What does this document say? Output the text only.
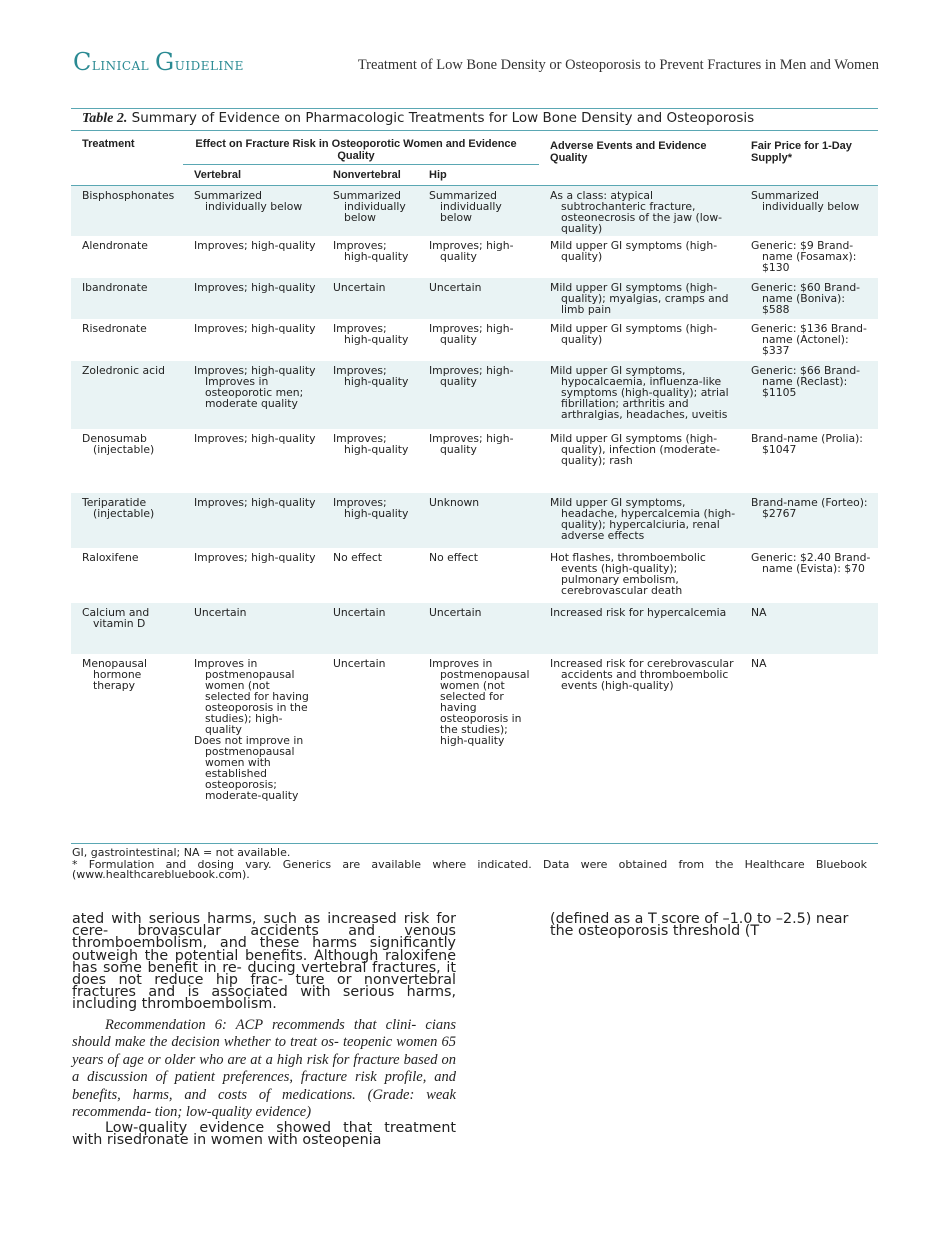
Clinical Guideline	Treatment of Low Bone Density or Osteoporosis to Prevent Fractures in Men and Women
Table 2. Summary of Evidence on Pharmacologic Treatments for Low Bone Density and Osteoporosis
Treatment	Effect on Fracture Risk in Osteoporotic Women and Evidence Quality			Adverse Events and Evidence Quality	Fair Price for 1-Day Supply*
	Vertebral	Nonvertebral	Hip		
Bisphosphonates	Summarized individually below	Summarized individually below	Summarized individually below	As a class: atypical subtrochanteric fracture, osteonecrosis of the jaw (low-quality)	Summarized individually below

Alendronate	Improves; high-quality	Improves; high-quality	Improves; high-quality	Mild upper GI symptoms (high-quality)	Generic: $9 Brand-name (Fosamax): $130

Ibandronate	Improves; high-quality	Uncertain	Uncertain	Mild upper GI symptoms (high-quality); myalgias, cramps and limb pain	Generic: $60 Brand-name (Boniva): $588

Risedronate	Improves; high-quality	Improves; high-quality	Improves; high-quality	Mild upper GI symptoms (high-quality)	Generic: $136 Brand-name (Actonel): $337

Zoledronic acid	Improves; high-quality Improves in osteoporotic men; moderate quality	Improves; high-quality	Improves; high-quality	Mild upper GI symptoms, hypocalcaemia, influenza-like symptoms (high-quality); atrial fibrillation; arthritis and arthralgias, headaches, uveitis	Generic: $66 Brand-name (Reclast): $1105

Denosumab (injectable)	Improves; high-quality	Improves; high-quality	Improves; high-quality	Mild upper GI symptoms (high-quality), infection (moderate-quality); rash	Brand-name (Prolia): $1047

Teriparatide (injectable)	Improves; high-quality	Improves; high-quality	Unknown	Mild upper GI symptoms, headache, hypercalcemia (high-quality); hypercalciuria, renal adverse effects	Brand-name (Forteo): $2767

Raloxifene	Improves; high-quality	No effect	No effect	Hot flashes, thromboembolic events (high-quality); pulmonary embolism, cerebrovascular death	Generic: $2.40 Brand-name (Evista): $70

Calcium and vitamin D	Uncertain	Uncertain	Uncertain	Increased risk for hypercalcemia	NA

Menopausal hormone therapy	Improves in postmenopausal women (not selected for having osteoporosis in the studies); high-quality
Does not improve in postmenopausal women with established osteoporosis; moderate-quality	Uncertain	Improves in postmenopausal women (not selected for having osteoporosis in the studies); high-quality	Increased risk for cerebrovascular accidents and thromboembolic events (high-quality)	NA

GI, gastrointestinal; NA = not available.

* Formulation and dosing vary. Generics are available where indicated. Data were obtained from the Healthcare Bluebook (www.healthcarebluebook.com).

ated with serious harms, such as increased risk for cere- brovascular accidents and venous thromboembolism, and these harms significantly outweigh the potential benefits. Although raloxifene has some benefit in re- ducing vertebral fractures, it does not reduce hip frac- ture or nonvertebral fractures and is associated with serious harms, including thromboembolism.

Recommendation 6: ACP recommends that clini- cians should make the decision whether to treat os- teopenic women 65 years of age or older who are at a high risk for fracture based on a discussion of patient preferences, fracture risk profile, and benefits, harms, and costs of medications. (Grade: weak recommenda- tion; low-quality evidence)

Low-quality evidence showed that treatment with risedronate in women with osteopenia

(defined as a T score of –1.0 to –2.5) near the osteoporosis threshold (T
